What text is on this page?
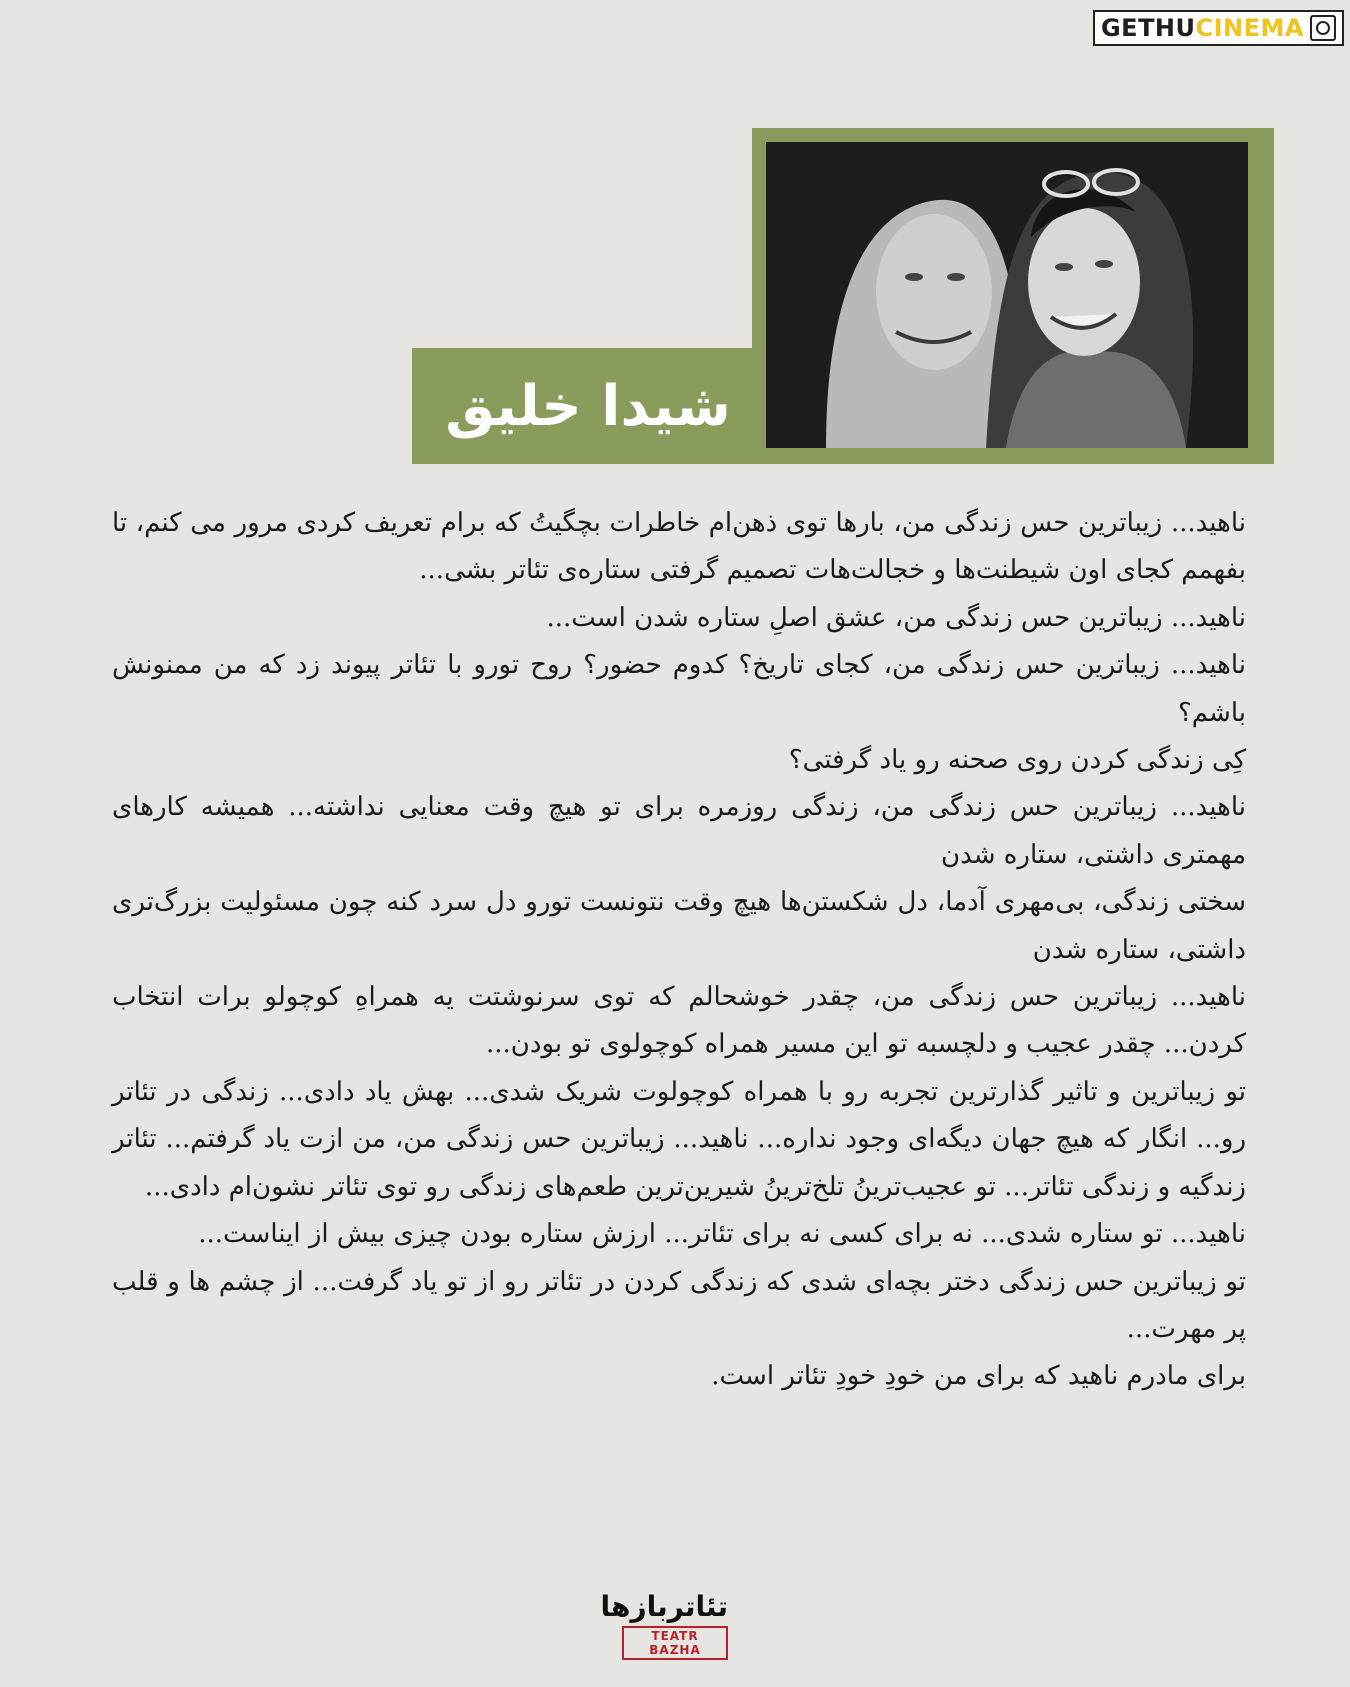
GETHU CINEMA
شیدا خلیق

ناهید... زیباترین حس زندگی من، بارها توی ذهن‌ام خاطرات بچگیتُ که برام تعریف کردی مرور می کنم، تا بفهمم کجای اون شیطنت‌ها و خجالت‌هات تصمیم گرفتی ستاره‌ی تئاتر بشی...

ناهید... زیباترین حس زندگی من، عشق اصلِ ستاره شدن است...

ناهید... زیباترین حس زندگی من، کجای تاریخ؟ کدوم حضور؟ روح تورو با تئاتر پیوند زد که من ممنونش باشم؟

کِی زندگی کردن روی صحنه رو یاد گرفتی؟

ناهید... زیباترین حس زندگی من، زندگی روزمره برای تو هیچ وقت معنایی نداشته... همیشه کارهای مهمتری داشتی، ستاره شدن

سختی زندگی، بی‌مهری آدما، دل شکستن‌ها هیچ وقت نتونست تورو دل سرد کنه چون مسئولیت بزرگ‌تری داشتی، ستاره شدن

ناهید... زیباترین حس زندگی من، چقدر خوشحالم که توی سرنوشتت یه همراهِ کوچولو برات انتخاب کردن... چقدر عجیب و دلچسبه تو این مسیر همراه کوچولوی تو بودن...

تو زیباترین و تاثیر گذارترین تجربه رو با همراه کوچولوت شریک شدی... بهش یاد دادی... زندگی در تئاتر رو... انگار که هیچ جهان دیگه‌ای وجود نداره... ناهید... زیباترین حس زندگی من، من ازت یاد گرفتم... تئاتر زندگیه و زندگی تئاتر... تو عجیب‌ترینُ تلخ‌ترینُ شیرین‌ترین طعم‌های زندگی رو توی تئاتر نشون‌ام دادی...

ناهید... تو ستاره شدی... نه برای کسی نه برای تئاتر... ارزش ستاره بودن چیزی بیش از ایناست...

تو زیباترین حس زندگی دختر بچه‌ای شدی که زندگی کردن در تئاتر رو از تو یاد گرفت... از چشم ها و قلب پر مهرت...

برای مادرم ناهید که برای من خودِ خودِ تئاتر است.

تئاتربازها
TEATR BAZHA
